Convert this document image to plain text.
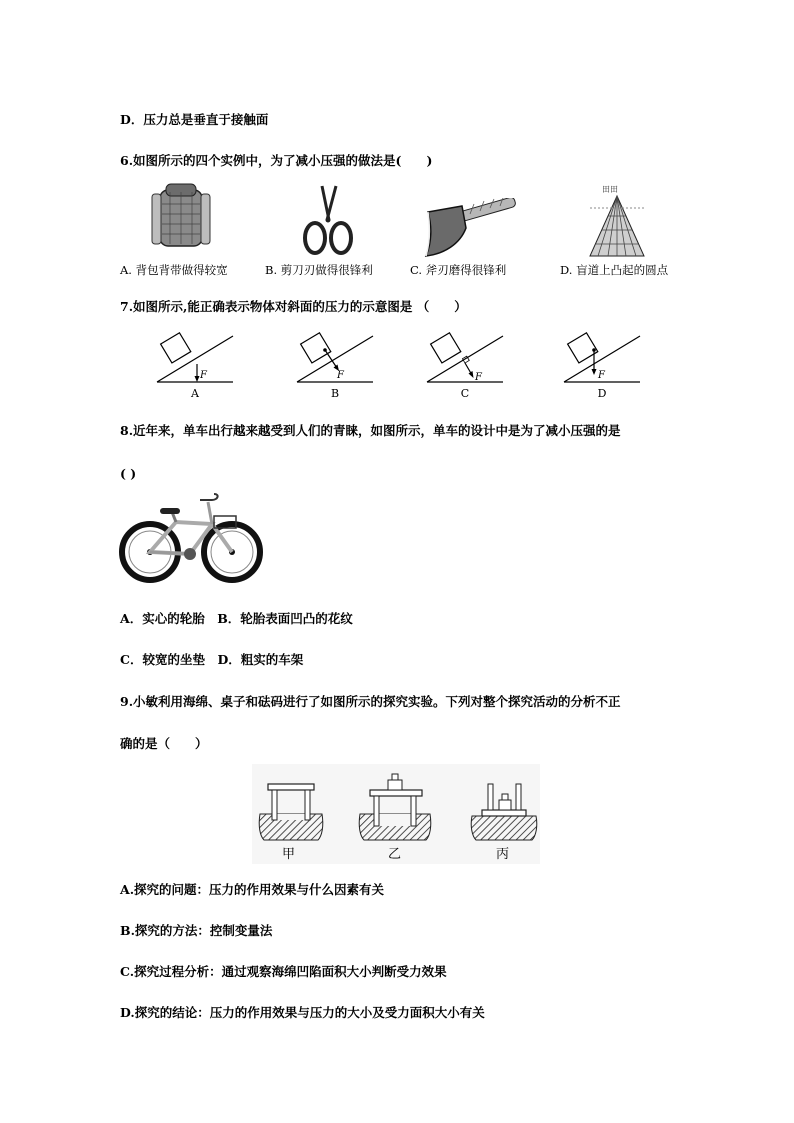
D．压力总是垂直于接触面
6.如图所示的四个实例中，为了减小压强的做法是(　　)
田田
A. 背包背带做得较宽	B. 剪刀刃做得很锋利	C. 斧刃磨得很锋利	D. 盲道上凸起的圆点
7.如图所示,能正确表示物体对斜面的压力的示意图是 （　　）
F
A
F
B
F
C
F
D
8.近年来，单车出行越来越受到人们的青睐，如图所示，单车的设计中是为了减小压强的是
( )
A．实心的轮胎　B．轮胎表面凹凸的花纹
C．较宽的坐垫　D．粗实的车架
9.小敏利用海绵、桌子和砝码进行了如图所示的探究实验。下列对整个探究活动的分析不正
确的是（　　）
甲	乙	丙
A.探究的问题：压力的作用效果与什么因素有关
B.探究的方法：控制变量法
C.探究过程分析：通过观察海绵凹陷面积大小判断受力效果
D.探究的结论：压力的作用效果与压力的大小及受力面积大小有关
